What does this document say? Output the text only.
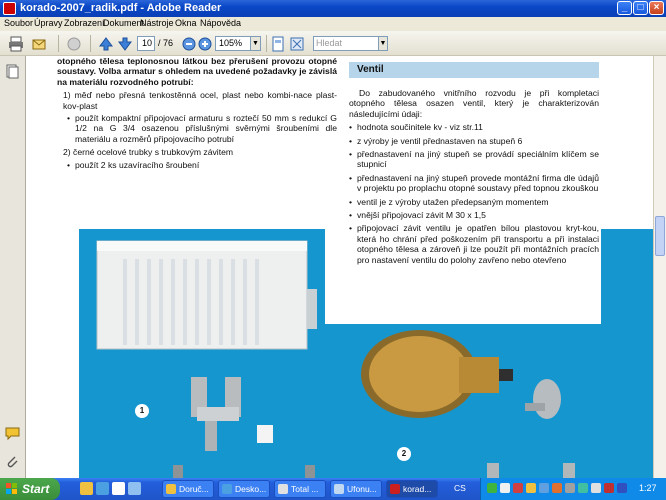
korado-2007_radik.pdf - Adobe Reader	_	□	×
Soubor Úpravy Zobrazení
Dokument
Nástroje Okna Nápověda
10 / 76	105%	▼	Hledat	▼

otopného tělesa teplonosnou látkou bez přerušení provozu otopné soustavy. Volba armatur s ohledem na uvedené požadavky je závislá na materiálu rozvodného potrubí:

1) měď nebo přesná tenkostěnná ocel, plast nebo kombi-nace plast-kov-plast

• použít kompaktní připojovací armaturu s roztečí 50 mm s redukcí G 1/2 na G 3/4 osazenou příslušnými svěrnými šroubeními dle materiálu a rozměrů připojovacího potrubí

2) černé ocelové trubky s trubkovým závitem

• použít 2 ks uzavíracího šroubení

Ventil

Do zabudovaného vnitřního rozvodu je při kompletaci otopného tělesa osazen ventil, který je charakterizován následujícími údaji:

• hodnota součinitele kv - viz str.11

• z výroby je ventil přednastaven na stupeň 6

• přednastavení na jiný stupeň se provádí speciálním klíčem se stupnicí

• přednastavení na jiný stupeň provede montážní firma dle údajů v projektu po proplachu otopné soustavy před topnou zkouškou

• ventil je z výroby utažen předepsaným momentem

• vnější připojovací závit M 30 x 1,5

• připojovací závit ventilu je opatřen bílou plastovou kryt-kou, která ho chrání před poškozením při transportu a při instalaci otopného tělesa a zároveň ji lze použít při montážních pracích pro nastavení ventilu do polohy zavřeno nebo otevřeno

1
2
Start	Doruč...	Desko...	Total ...	Ufonu...	korad...	CS	1:27
